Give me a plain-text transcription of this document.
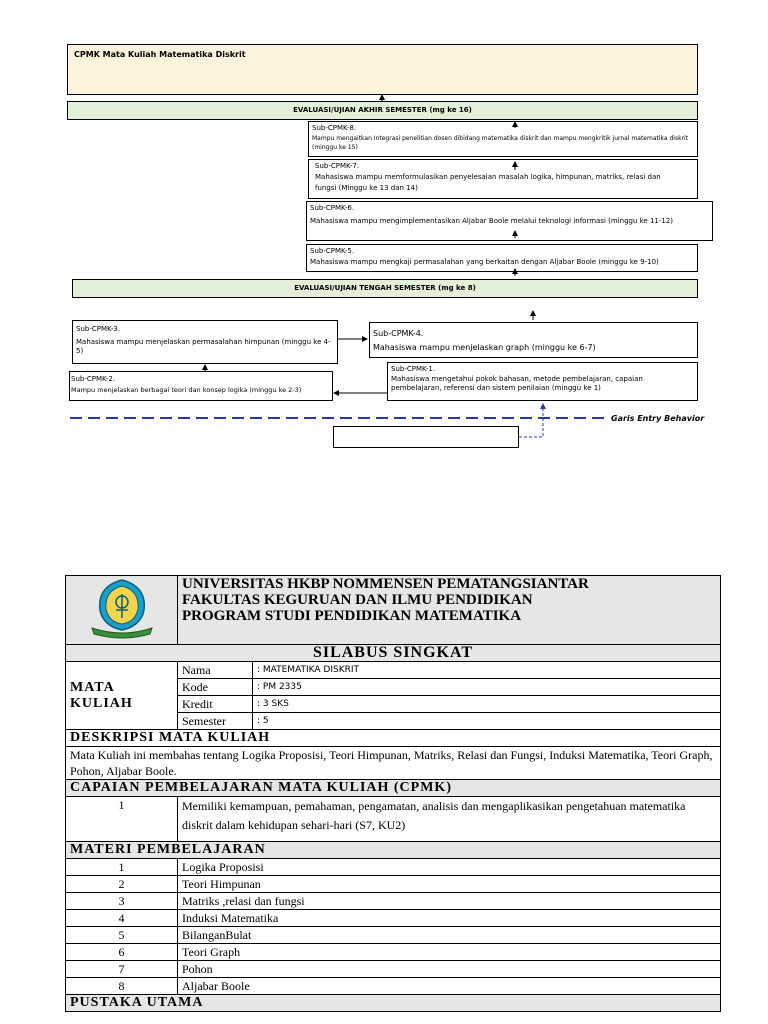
CPMK Mata Kuliah Matematika Diskrit
EVALUASI/UJIAN AKHIR SEMESTER (mg ke 16)
Sub-CPMK-8.
Mampu mengaitkan Integrasi penelitian dosen dibidang matematika diskrit dan mampu mengkritik jurnal matematika diskrit (minggu ke 15)
Sub-CPMK-7.
Mahasiswa mampu memformulasikan penyelesaian masalah logika, himpunan, matriks, relasi dan fungsi (Minggu ke 13 dan 14)
Sub-CPMK-6.
Mahasiswa mampu mengimplementasikan Aljabar Boole melalui teknologi informasi (minggu ke 11-12)
Sub-CPMK-5.
Mahasiswa mampu mengkaji permasalahan yang berkaitan dengan Aljabar Boole (minggu ke 9-10)
EVALUASI/UJIAN TENGAH SEMESTER (mg ke 8)
Sub-CPMK-3.
Mahasiswa mampu menjelaskan permasalahan himpunan (minggu ke 4-5)
Sub-CPMK-4.
Mahasiswa mampu menjelaskan graph (minggu ke 6-7)
Sub-CPMK-2.
Mampu menjelaskan berbagai teori dan konsep logika (minggu ke 2-3)
Sub-CPMK-1.
Mahasiswa mengetahui pokok bahasan, metode pembelajaran, capaian pembelajaran, referensi dan sistem penilaian (minggu ke 1)
Garis Entry Behavior

UNIVERSITAS HKBP NOMMENSEN PEMATANGSIANTAR
FAKULTAS KEGURUAN DAN ILMU PENDIDIKAN
PROGRAM STUDI PENDIDIKAN MATEMATIKA	

SILABUS SINGKAT		

MATA
KULIAH	Nama	: MATEMATIKA DISKRIT
	Kode	: PM 2335
	Kredit	: 3 SKS
	Semester	: 5
DESKRIPSI MATA KULIAH		
Mata Kuliah ini membahas tentang Logika Proposisi, Teori Himpunan, Matriks, Relasi dan Fungsi, Induksi Matematika, Teori Graph, Pohon, Aljabar Boole.		
CAPAIAN PEMBELAJARAN MATA KULIAH (CPMK)		
1	Memiliki kemampuan, pemahaman, pengamatan, analisis dan mengaplikasikan pengetahuan matematika diskrit dalam kehidupan sehari-hari (S7, KU2)	
MATERI PEMBELAJARAN		
1	Logika Proposisi	
2	Teori Himpunan	
3	Matriks ,relasi dan fungsi	
4	Induksi Matematika	
5	BilanganBulat	
6	Teori Graph	
7	Pohon	
8	Aljabar Boole	
PUSTAKA UTAMA		
